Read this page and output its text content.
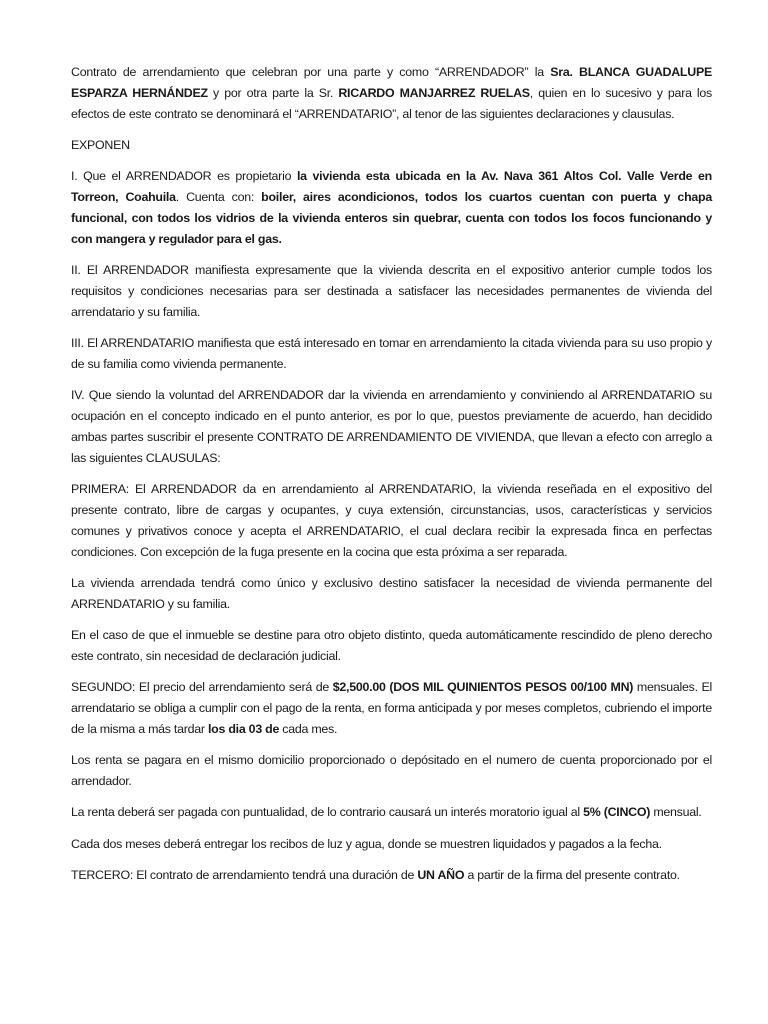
Contrato de arrendamiento que celebran por una parte y como “ARRENDADOR” la Sra. BLANCA GUADALUPE ESPARZA HERNÁNDEZ y por otra parte la Sr. RICARDO MANJARREZ RUELAS, quien en lo sucesivo y para los efectos de este contrato se denominará el “ARRENDATARIO”, al tenor de las siguientes declaraciones y clausulas.

EXPONEN

I. Que el ARRENDADOR es propietario la vivienda esta ubicada en la Av. Nava 361 Altos Col. Valle Verde en Torreon, Coahuila. Cuenta con: boiler, aires acondicionos, todos los cuartos cuentan con puerta y chapa funcional, con todos los vidrios de la vivienda enteros sin quebrar, cuenta con todos los focos funcionando y con mangera y regulador para el gas.

II. El ARRENDADOR manifiesta expresamente que la vivienda descrita en el expositivo anterior cumple todos los requisitos y condiciones necesarias para ser destinada a satisfacer las necesidades permanentes de vivienda del arrendatario y su familia.

III. El ARRENDATARIO manifiesta que está interesado en tomar en arrendamiento la citada vivienda para su uso propio y de su familia como vivienda permanente.

IV. Que siendo la voluntad del ARRENDADOR dar la vivienda en arrendamiento y conviniendo al ARRENDATARIO su ocupación en el concepto indicado en el punto anterior, es por lo que, puestos previamente de acuerdo, han decidido ambas partes suscribir el presente CONTRATO DE ARRENDAMIENTO DE VIVIENDA, que llevan a efecto con arreglo a las siguientes CLAUSULAS:

PRIMERA: El ARRENDADOR da en arrendamiento al ARRENDATARIO, la vivienda reseñada en el expositivo del presente contrato, libre de cargas y ocupantes, y cuya extensión, circunstancias, usos, características y servicios comunes y privativos conoce y acepta el ARRENDATARIO, el cual declara recibir la expresada finca en perfectas condiciones. Con excepción de la fuga presente en la cocina que esta próxima a ser reparada.

La vivienda arrendada tendrá como único y exclusivo destino satisfacer la necesidad de vivienda permanente del ARRENDATARIO y su familia.

En el caso de que el inmueble se destine para otro objeto distinto, queda automáticamente rescindido de pleno derecho este contrato, sin necesidad de declaración judicial.

SEGUNDO: El precio del arrendamiento será de $2,500.00 (DOS MIL QUINIENTOS PESOS 00/100 MN) mensuales. El arrendatario se obliga a cumplir con el pago de la renta, en forma anticipada y por meses completos, cubriendo el importe de la misma a más tardar los dia 03 de cada mes.

Los renta se pagara en el mismo domicilio proporcionado o depósitado en el numero de cuenta proporcionado por el arrendador.

La renta deberá ser pagada con puntualidad, de lo contrario causará un interés moratorio igual al 5% (CINCO) mensual.

Cada dos meses deberá entregar los recibos de luz y agua, donde se muestren liquidados y pagados a la fecha.

TERCERO: El contrato de arrendamiento tendrá una duración de UN AÑO a partir de la firma del presente contrato.
